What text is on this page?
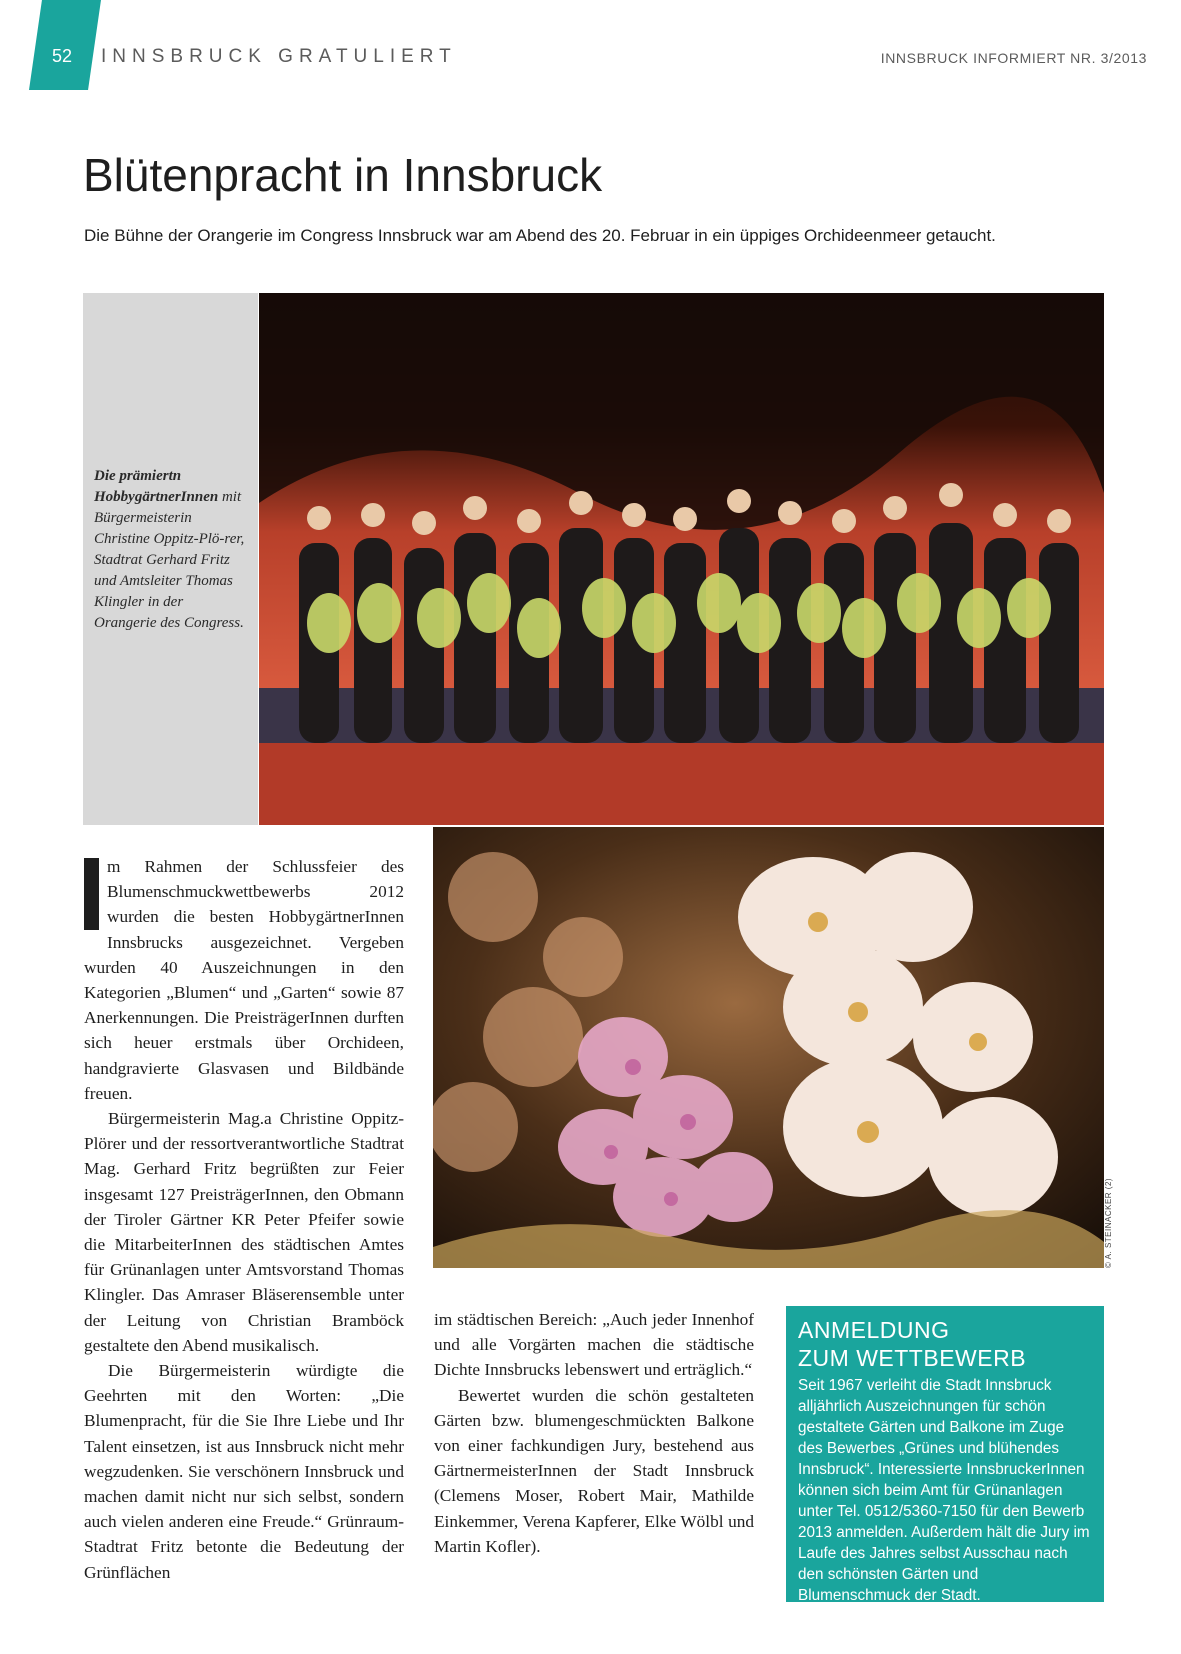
52	INNSBRUCK GRATULIERT	INNSBRUCK INFORMIERT NR. 3/2013
Blütenpracht in Innsbruck
Die Bühne der Orangerie im Congress Innsbruck war am Abend des 20. Februar in ein üppiges Orchideenmeer getaucht.
Die prämiertn HobbygärtnerInnen mit Bürgermeisterin Christine Oppitz-Plö-rer, Stadtrat Gerhard Fritz und Amtsleiter Thomas Klingler in der Orangerie des Congress.
© A. STEINACKER (2)

m Rahmen der Schlussfeier des Blumenschmuckwettbewerbs 2012 wurden die besten HobbygärtnerInnen Innsbrucks ausgezeichnet. Vergeben wurden 40 Auszeichnungen in den Kategorien „Blumen“ und „Garten“ sowie 87 Anerkennungen. Die PreisträgerInnen durften sich heuer erstmals über Orchideen, handgravierte Glasvasen und Bildbände freuen.

Bürgermeisterin Mag.a Christine Oppitz-Plörer und der ressortverantwortliche Stadtrat Mag. Gerhard Fritz begrüßten zur Feier insgesamt 127 PreisträgerInnen, den Obmann der Tiroler Gärtner KR Peter Pfeifer sowie die MitarbeiterInnen des städtischen Amtes für Grünanlagen unter Amtsvorstand Thomas Klingler. Das Amraser Bläserensemble unter der Leitung von Christian Bramböck gestaltete den Abend musikalisch.

Die Bürgermeisterin würdigte die Geehrten mit den Worten: „Die Blumenpracht, für die Sie Ihre Liebe und Ihr Talent einsetzen, ist aus Innsbruck nicht mehr wegzudenken. Sie verschönern Innsbruck und machen damit nicht nur sich selbst, sondern auch vielen anderen eine Freude.“ Grünraum-Stadtrat Fritz betonte die Bedeutung der Grünflächen

im städtischen Bereich: „Auch jeder Innenhof und alle Vorgärten machen die städtische Dichte Innsbrucks lebenswert und erträglich.“

Bewertet wurden die schön gestalteten Gärten bzw. blumengeschmückten Balkone von einer fachkundigen Jury, bestehend aus GärtnermeisterInnen der Stadt Innsbruck (Clemens Moser, Robert Mair, Mathilde Einkemmer, Verena Kapferer, Elke Wölbl und Martin Kofler).

ANMELDUNG
ZUM WETTBEWERB
Seit 1967 verleiht die Stadt Innsbruck alljährlich Auszeichnungen für schön gestaltete Gärten und Balkone im Zuge des Bewerbes „Grünes und blühendes Innsbruck“. Interessierte InnsbruckerInnen können sich beim Amt für Grünanlagen unter Tel. 0512/5360-7150 für den Bewerb 2013 anmelden. Außerdem hält die Jury im Laufe des Jahres selbst Ausschau nach den schönsten Gärten und Blumenschmuck der Stadt.
